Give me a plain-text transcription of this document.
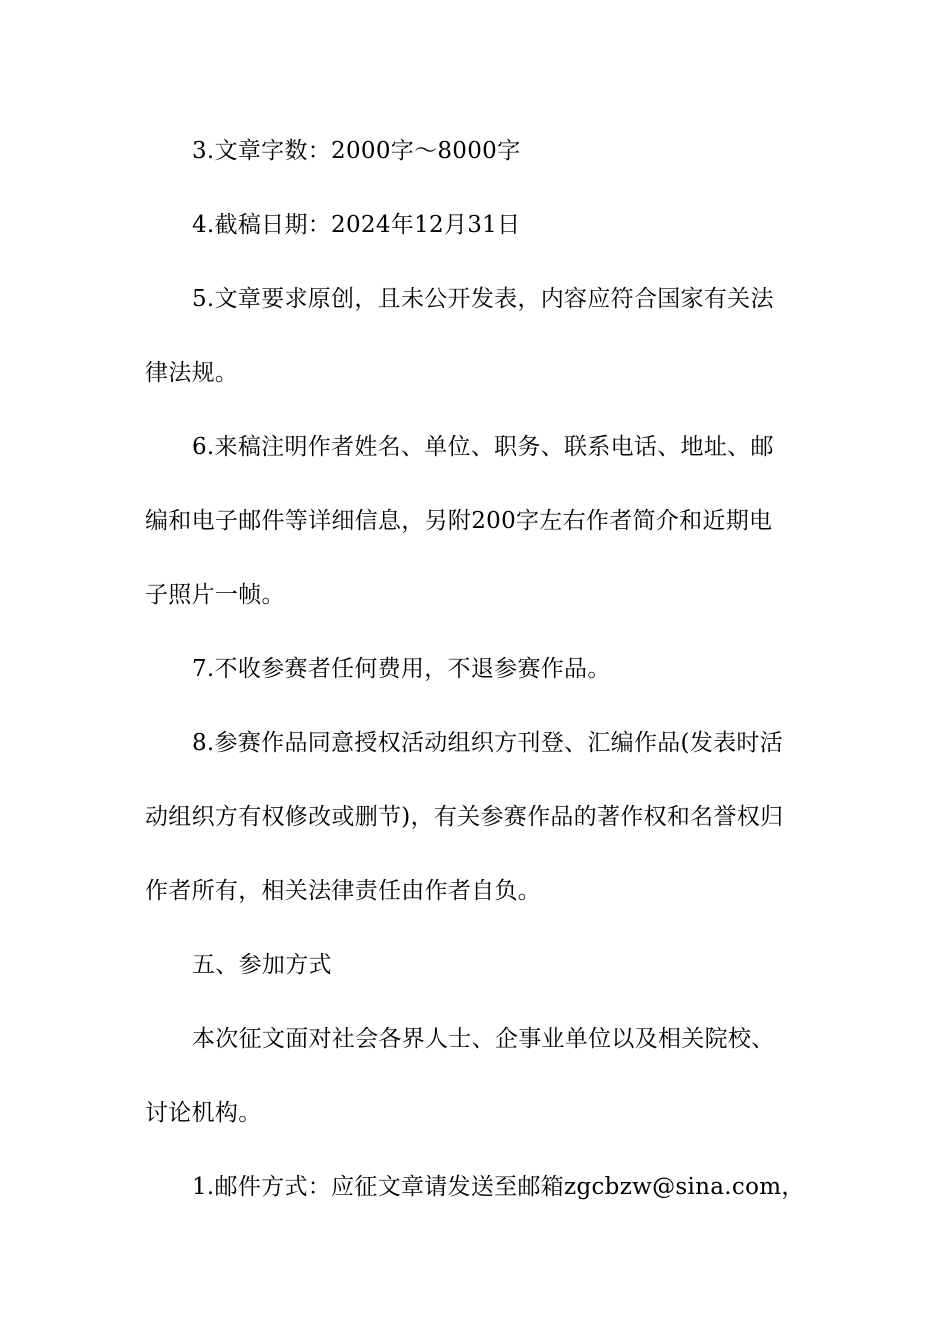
3.文章字数：2000字～8000字
4.截稿日期：2024年12月31日
5.文章要求原创，且未公开发表，内容应符合国家有关法
律法规。
6.来稿注明作者姓名、单位、职务、联系电话、地址、邮
编和电子邮件等详细信息，另附200字左右作者简介和近期电
子照片一帧。
7.不收参赛者任何费用，不退参赛作品。
8.参赛作品同意授权活动组织方刊登、汇编作品(发表时活
动组织方有权修改或删节)，有关参赛作品的著作权和名誉权归
作者所有，相关法律责任由作者自负。
五、参加方式
本次征文面对社会各界人士、企事业单位以及相关院校、
讨论机构。
1.邮件方式：应征文章请发送至邮箱zgcbzw@sina.com，
